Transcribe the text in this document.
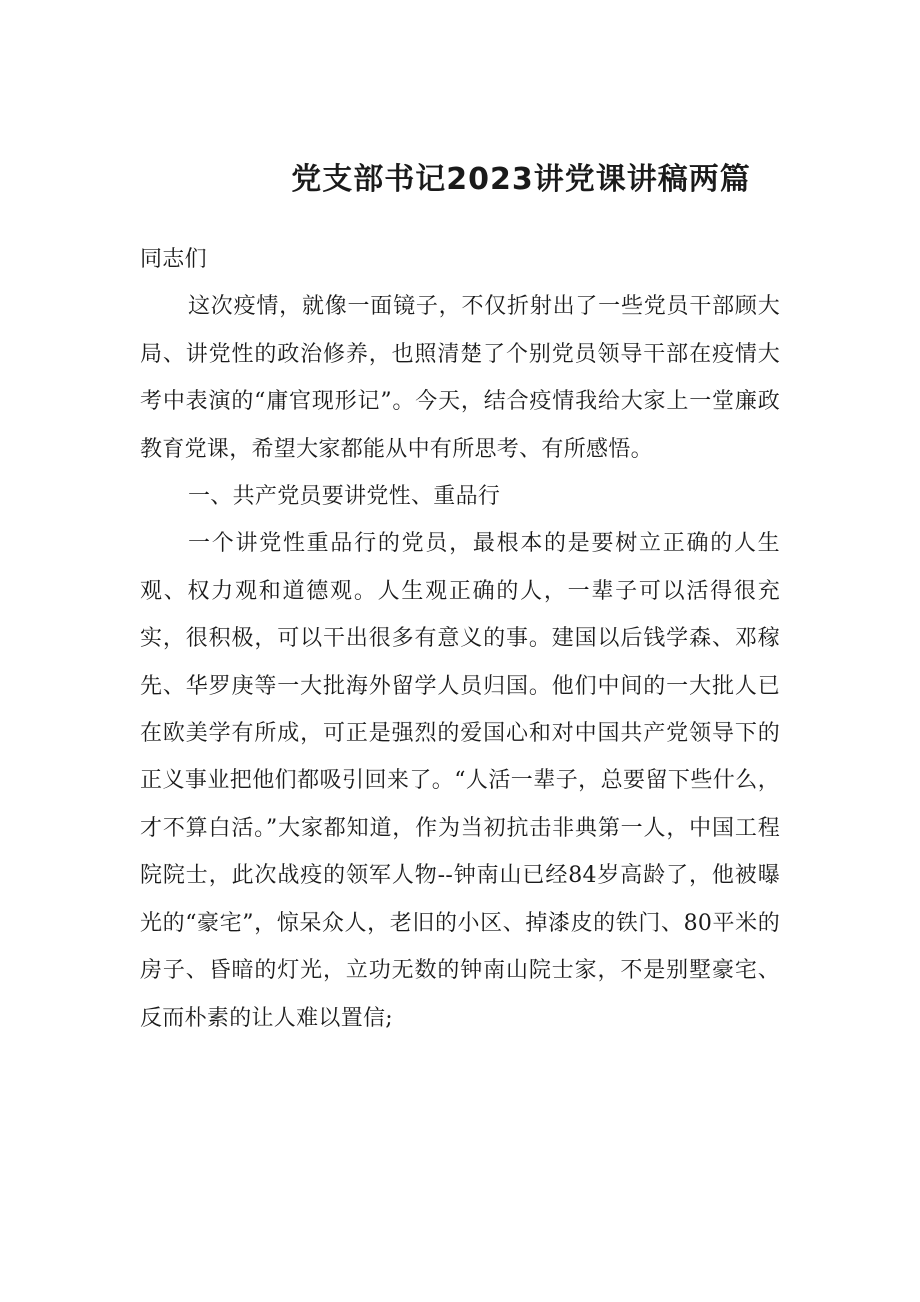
党支部书记2023讲党课讲稿两篇

同志们

这次疫情，就像一面镜子，不仅折射出了一些党员干部顾大局、讲党性的政治修养，也照清楚了个别党员领导干部在疫情大考中表演的“庸官现形记”。今天，结合疫情我给大家上一堂廉政教育党课，希望大家都能从中有所思考、有所感悟。

一、共产党员要讲党性、重品行

一个讲党性重品行的党员，最根本的是要树立正确的人生观、权力观和道德观。人生观正确的人，一辈子可以活得很充实，很积极，可以干出很多有意义的事。建国以后钱学森、邓稼先、华罗庚等一大批海外留学人员归国。他们中间的一大批人已在欧美学有所成，可正是强烈的爱国心和对中国共产党领导下的正义事业把他们都吸引回来了。“人活一辈子，总要留下些什么，才不算白活。”大家都知道，作为当初抗击非典第一人，中国工程院院士，此次战疫的领军人物--钟南山已经84岁高龄了，他被曝光的“豪宅”，惊呆众人，老旧的小区、掉漆皮的铁门、80平米的房子、昏暗的灯光，立功无数的钟南山院士家，不是别墅豪宅、反而朴素的让人难以置信;
